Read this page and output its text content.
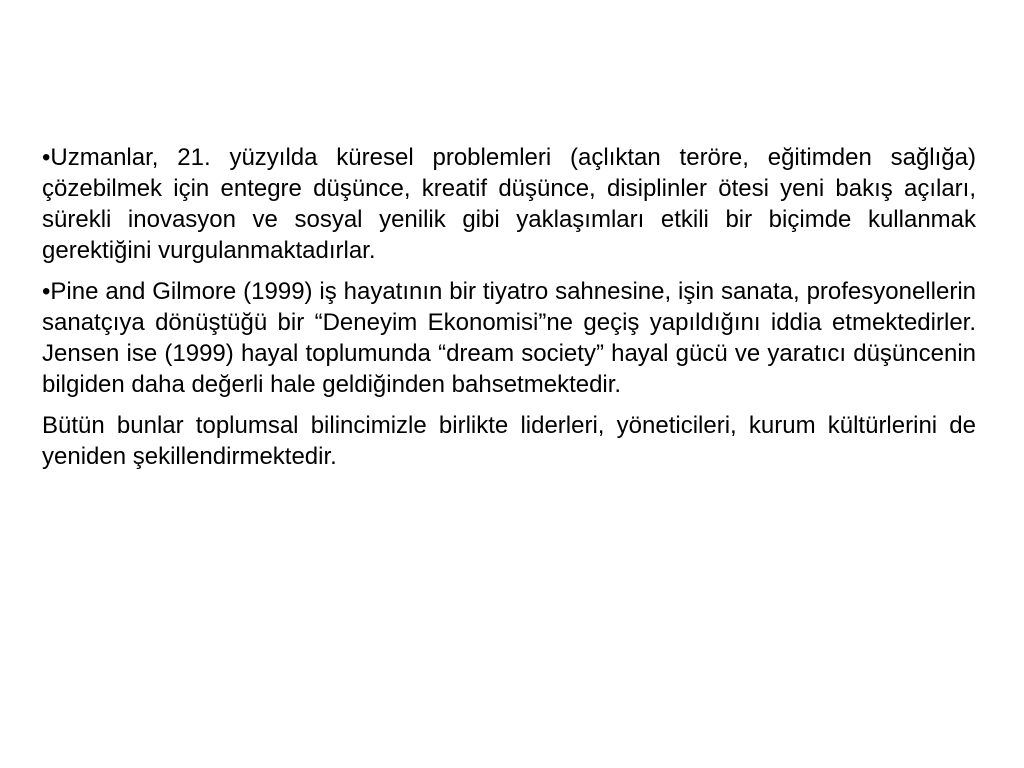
•Uzmanlar, 21. yüzyılda küresel problemleri (açlıktan teröre, eğitimden sağlığa) çözebilmek için entegre düşünce, kreatif düşünce, disiplinler ötesi yeni bakış açıları, sürekli inovasyon ve sosyal yenilik gibi yaklaşımları etkili bir biçimde kullanmak gerektiğini vurgulanmaktadırlar.

•Pine and Gilmore (1999) iş hayatının bir tiyatro sahnesine, işin sanata, profesyonellerin sanatçıya dönüştüğü bir “Deneyim Ekonomisi”ne geçiş yapıldığını iddia etmektedirler. Jensen ise (1999) hayal toplumunda “dream society” hayal gücü ve yaratıcı düşüncenin bilgiden daha değerli hale geldiğinden bahsetmektedir.

Bütün bunlar toplumsal bilincimizle birlikte liderleri, yöneticileri, kurum kültürlerini de yeniden şekillendirmektedir.
